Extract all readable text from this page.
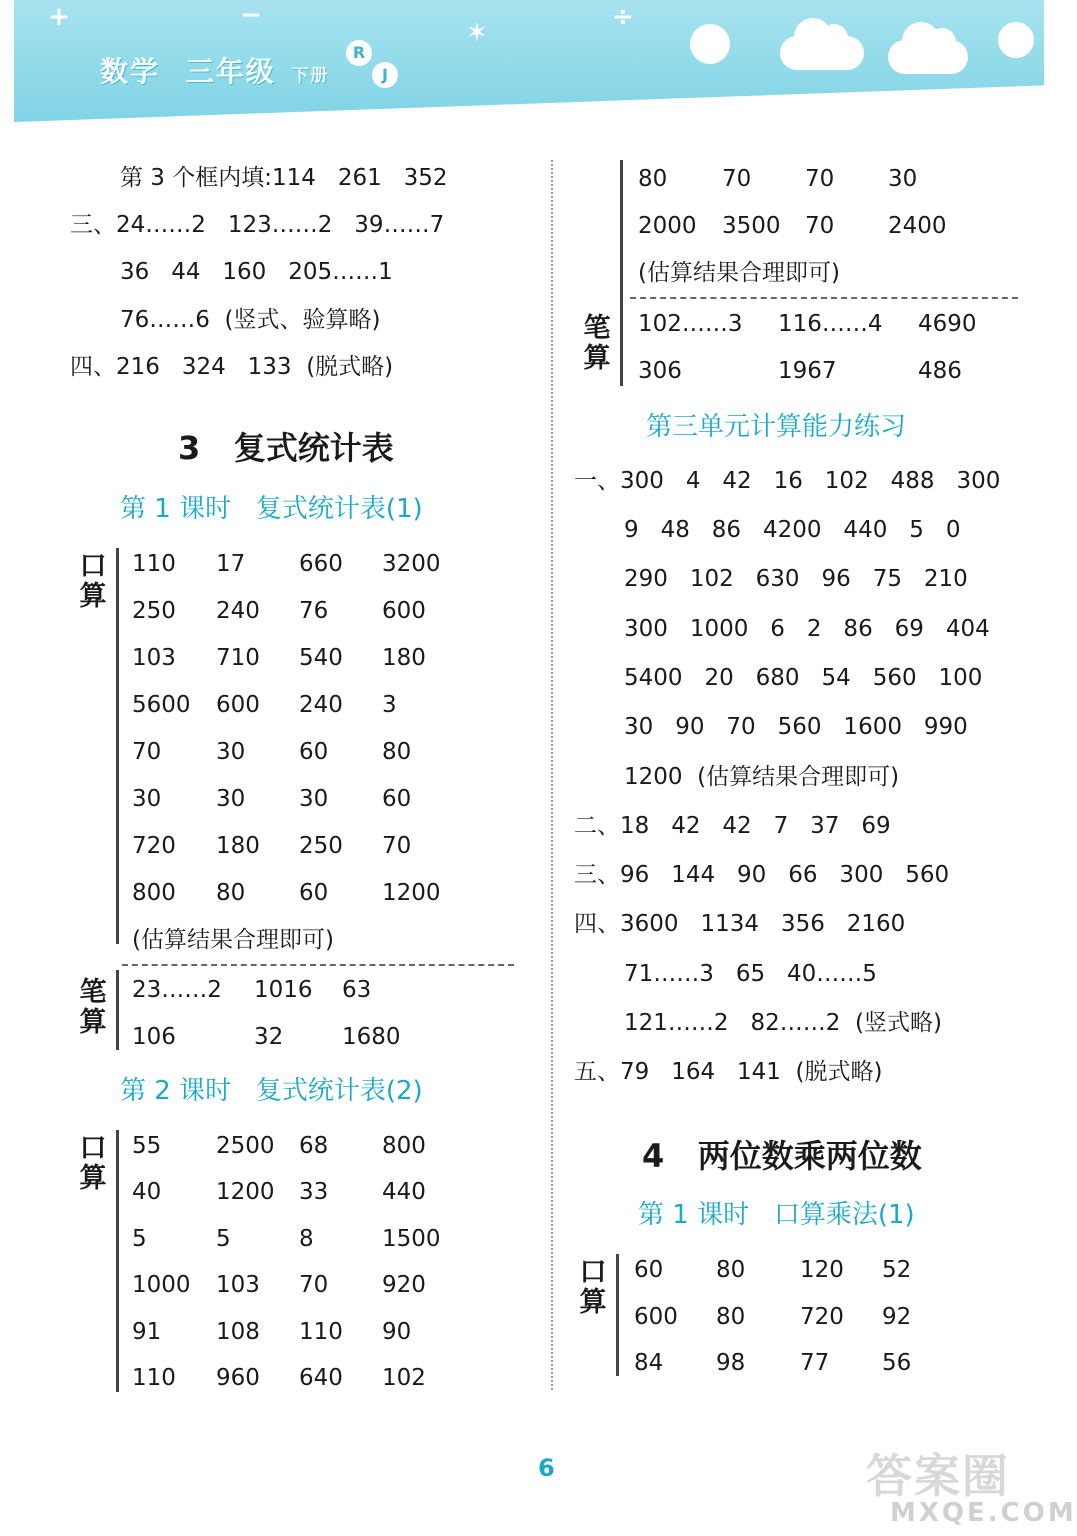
+	−
✶
÷
数学 三年级 下册
R
J
第 3 个框内填:114   261   352
三、24……2   123……2   39……7
36   44   160   205……1
76……6  (竖式、验算略)
四、216   324   133  (脱式略)
3   复式统计表
第 1 课时   复式统计表(1)
口算
110 17 660 3200
250 240 76 600
103 710 540 180
5600 600 240 3
70 30 60 80
30 30 30 60
720 180 250 70
800 80 60 1200
(估算结果合理即可)
笔算
23……2 1016 63
106	32	1680
第 2 课时   复式统计表(2)
口算
55 2500 68 800
40 1200 33 440
5	5	8	1500
1000 103 70 920
91 108 110 90
110 960 640 102
80 70 70 30
2000 3500 70 2400
(估算结果合理即可)
笔算
102……3 116……4 4690
306	1967	486
第三单元计算能力练习
一、300   4   42   16   102   488   300
9   48   86   4200   440   5   0
290   102   630   96   75   210
300   1000   6   2   86   69   404
5400   20   680   54   560   100
30   90   70   560   1600   990
1200  (估算结果合理即可)
二、18   42   42   7   37   69
三、96   144   90   66   300   560
四、3600   1134   356   2160
71……3   65   40……5
121……2   82……2  (竖式略)
五、79   164   141  (脱式略)
4   两位数乘两位数
第 1 课时   口算乘法(1)
口算
60 80 120 52
600 80 720 92
84 98 77 56
6	答案圈
MXQE.COM
